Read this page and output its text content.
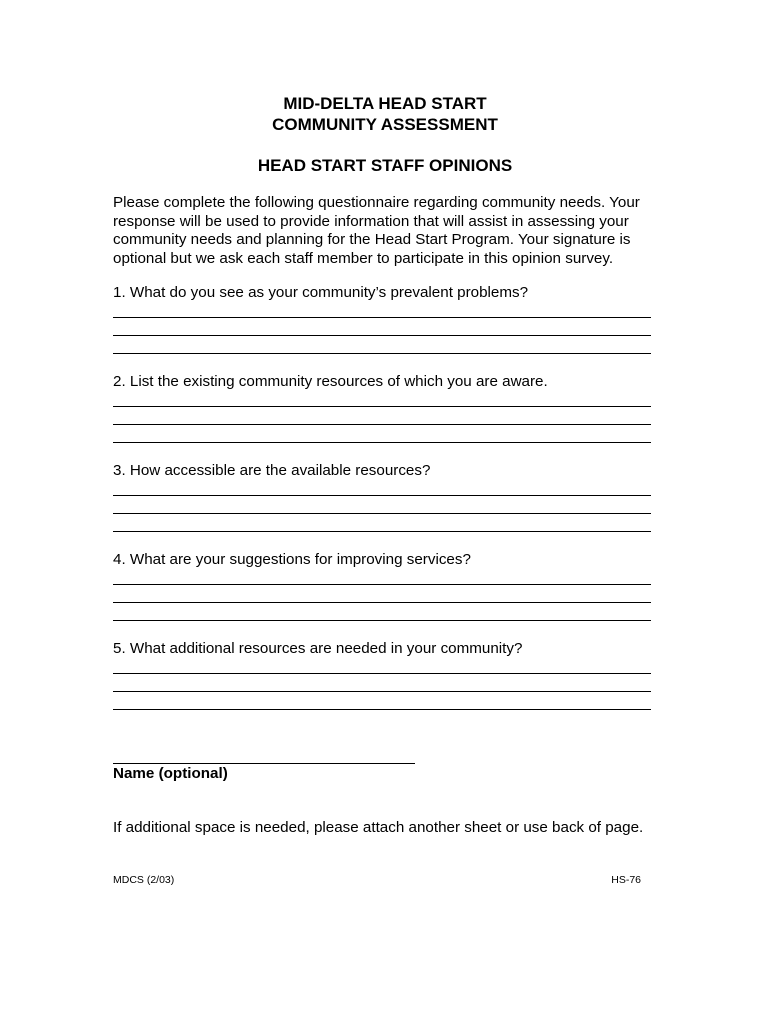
MID-DELTA HEAD START
COMMUNITY ASSESSMENT
HEAD START STAFF OPINIONS
Please complete the following questionnaire regarding community needs. Your
response will be used to provide information that will assist in assessing your
community needs and planning for the Head Start Program. Your signature is
optional but we ask each staff member to participate in this opinion survey.
1. What do you see as your community’s prevalent problems?
2. List the existing community resources of which you are aware.
3. How accessible are the available resources?
4. What are your suggestions for improving services?
5. What additional resources are needed in your community?
Name (optional)
If additional space is needed, please attach another sheet or use back of page.
MDCS (2/03)	HS-76
